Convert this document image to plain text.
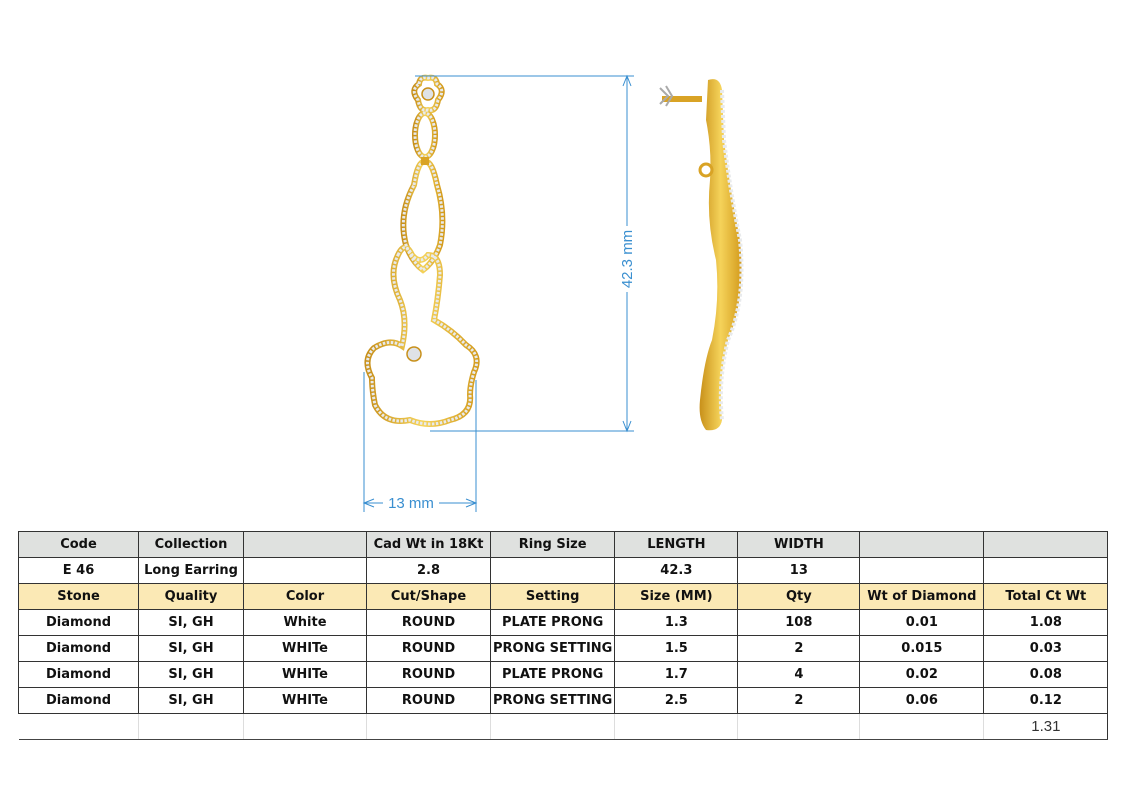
42.3 mm
13 mm
Code	Collection		Cad Wt in 18Kt	Ring Size	LENGTH	WIDTH		
E 46	Long Earring		2.8		42.3	13		
Stone	Quality	Color	Cut/Shape	Setting	Size (MM)	Qty	Wt of Diamond	Total Ct Wt
Diamond	SI, GH	White	ROUND	PLATE PRONG	1.3	108	0.01	1.08
Diamond	SI, GH	WHITe	ROUND	PRONG SETTING	1.5	2	0.015	0.03
Diamond	SI, GH	WHITe	ROUND	PLATE PRONG	1.7	4	0.02	0.08
Diamond	SI, GH	WHITe	ROUND	PRONG SETTING	2.5	2	0.06	0.12
								1.31
